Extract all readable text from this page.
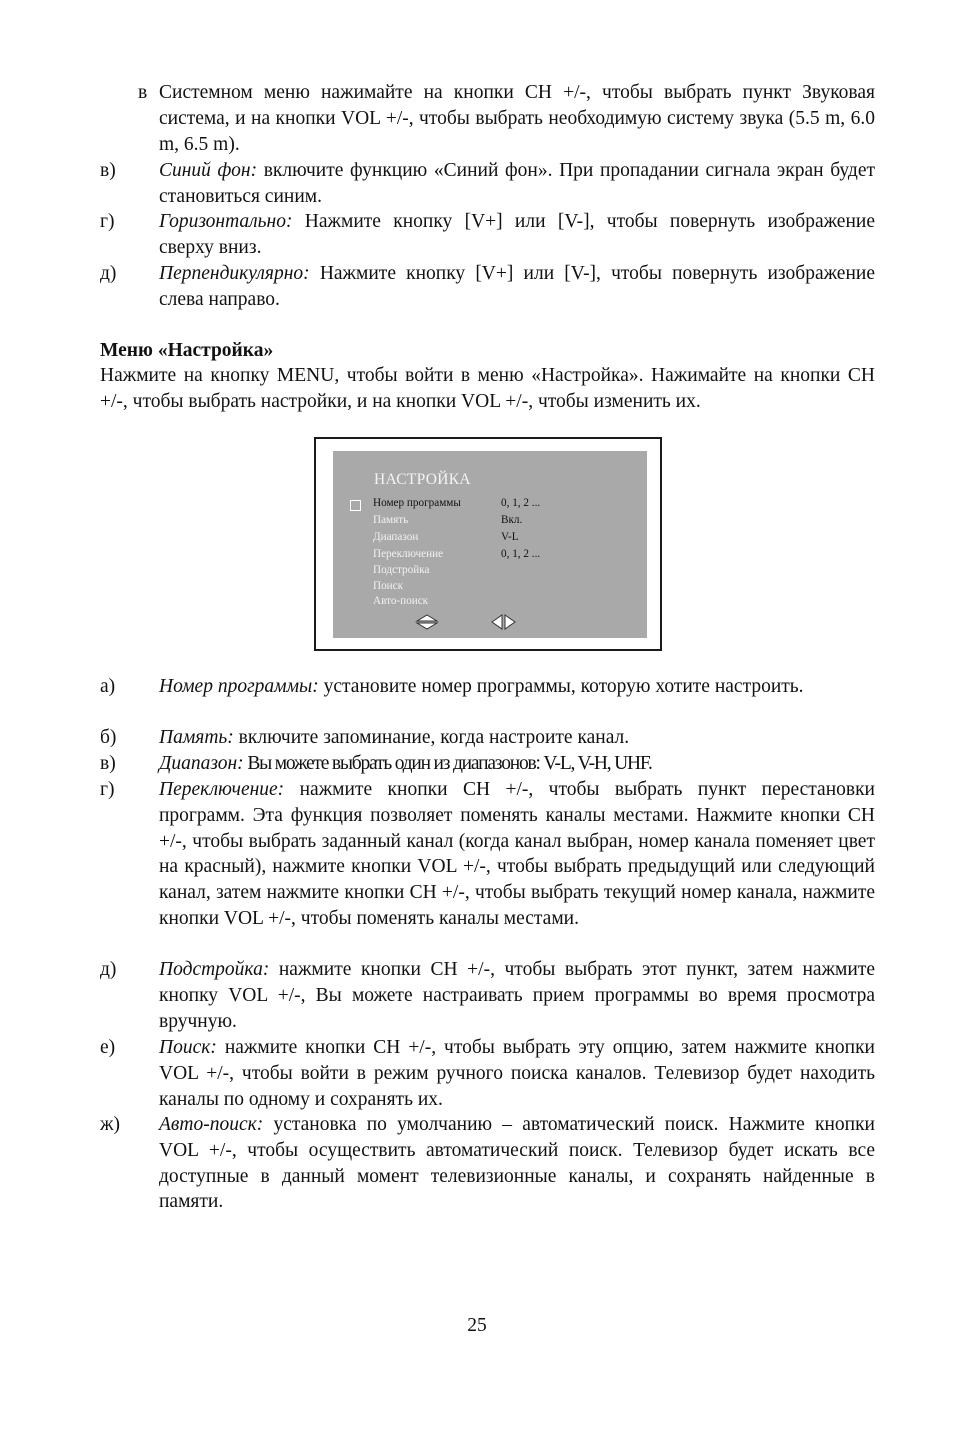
в Системном меню нажимайте на кнопки CH +/-, чтобы выбрать пункт Звуковая система, и на кнопки VOL +/-, чтобы выбрать необходимую систему звука (5.5 m, 6.0 m, 6.5 m).
в)	Синий фон: включите функцию «Синий фон». При пропадании сигнала экран будет становиться синим.
г)	Горизонтально: Нажмите кнопку [V+] или [V-], чтобы повернуть изображение сверху вниз.
д)	Перпендикулярно: Нажмите кнопку [V+] или [V-], чтобы повернуть изображение слева направо.
Меню «Настройка»
Нажмите на кнопку MENU, чтобы войти в меню «Настройка». Нажимайте на кнопки CH +/-, чтобы выбрать настройки, и на кнопки VOL +/-, чтобы изменить их.
НАСТРОЙКА
Номер программы	0, 1, 2 ...
Память	Вкл.
Диапазон	V-L
Переключение	0, 1, 2 ...
Подстройка
Поиск
Авто-поиск
а)	Номер программы: установите номер программы, которую хотите настроить.
б)	Память: включите запоминание, когда настроите канал.
в)	Диапазон: Вы можете выбрать один из диапазонов: V-L, V-H, UHF.
г)	Переключение: нажмите кнопки CH +/-, чтобы выбрать пункт перестановки программ. Эта функция позволяет поменять каналы местами. Нажмите кнопки CH +/-, чтобы выбрать заданный канал (когда канал выбран, номер канала поменяет цвет на красный), нажмите кнопки VOL +/-, чтобы выбрать предыдущий или следующий канал, затем нажмите кнопки CH +/-, чтобы выбрать текущий номер канала, нажмите кнопки VOL +/-, чтобы поменять каналы местами.
д)	Подстройка: нажмите кнопки CH +/-, чтобы выбрать этот пункт, затем нажмите кнопку VOL +/-, Вы можете настраивать прием программы во время просмотра вручную.
е)	Поиск: нажмите кнопки CH +/-, чтобы выбрать эту опцию, затем нажмите кнопки VOL +/-, чтобы войти в режим ручного поиска каналов. Телевизор будет находить каналы по одному и сохранять их.
ж)	Авто-поиск: установка по умолчанию – автоматический поиск. Нажмите кнопки VOL +/-, чтобы осуществить автоматический поиск. Телевизор будет искать все доступные в данный момент телевизионные каналы, и сохранять найденные в памяти.
25
